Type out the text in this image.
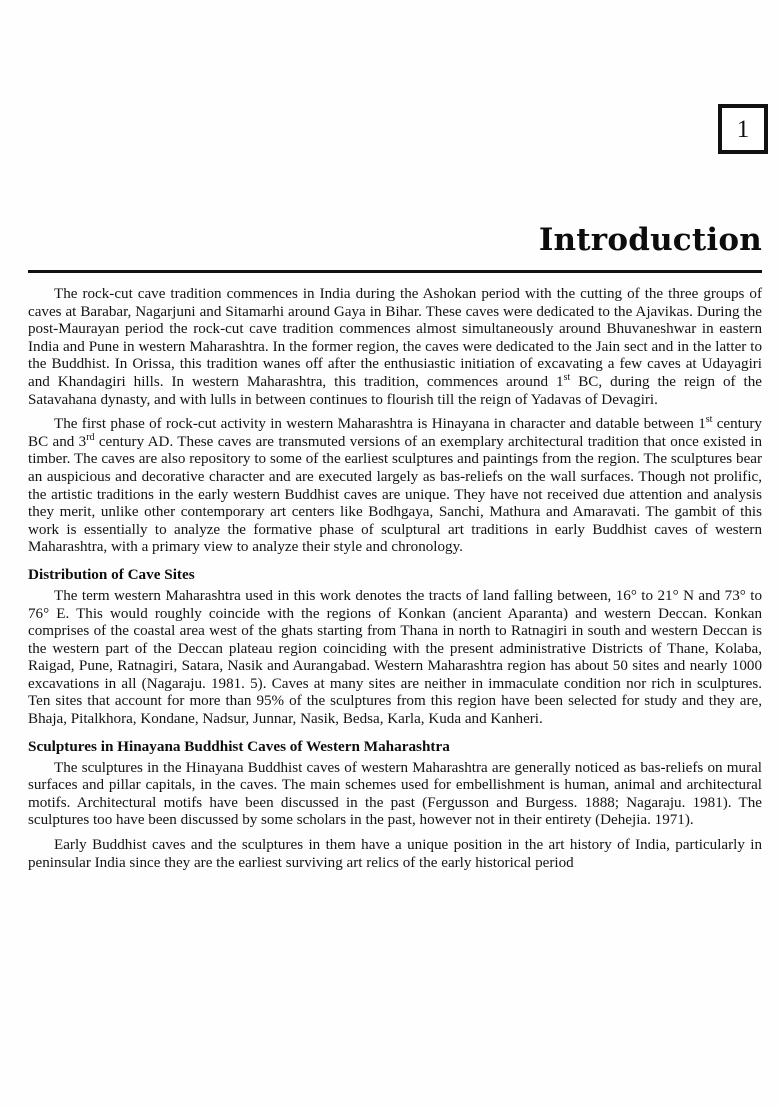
1
Introduction

The rock-cut cave tradition commences in India during the Ashokan period with the cutting of the three groups of caves at Barabar, Nagarjuni and Sitamarhi around Gaya in Bihar. These caves were dedicated to the Ajavikas. During the post-Maurayan period the rock-cut cave tradition commences almost simultaneously around Bhuvaneshwar in eastern India and Pune in western Maharashtra. In the former region, the caves were dedicated to the Jain sect and in the latter to the Buddhist. In Orissa, this tradition wanes off after the enthusiastic initiation of excavating a few caves at Udayagiri and Khandagiri hills. In western Maharashtra, this tradition, commences around 1st BC, during the reign of the Satavahana dynasty, and with lulls in between continues to flourish till the reign of Yadavas of Devagiri.

The first phase of rock-cut activity in western Maharashtra is Hinayana in character and datable between 1st century BC and 3rd century AD. These caves are transmuted versions of an exemplary architectural tradition that once existed in timber. The caves are also repository to some of the earliest sculptures and paintings from the region. The sculptures bear an auspicious and decorative character and are executed largely as bas-reliefs on the wall surfaces. Though not prolific, the artistic traditions in the early western Buddhist caves are unique. They have not received due attention and analysis they merit, unlike other contemporary art centers like Bodhgaya, Sanchi, Mathura and Amaravati. The gambit of this work is essentially to analyze the formative phase of sculptural art traditions in early Buddhist caves of western Maharashtra, with a primary view to analyze their style and chronology.

Distribution of Cave Sites

The term western Maharashtra used in this work denotes the tracts of land falling between, 16° to 21° N and 73° to 76° E. This would roughly coincide with the regions of Konkan (ancient Aparanta) and western Deccan. Konkan comprises of the coastal area west of the ghats starting from Thana in north to Ratnagiri in south and western Deccan is the western part of the Deccan plateau region coinciding with the present administrative Districts of Thane, Kolaba, Raigad, Pune, Ratnagiri, Satara, Nasik and Aurangabad. Western Maharashtra region has about 50 sites and nearly 1000 excavations in all (Nagaraju. 1981. 5). Caves at many sites are neither in immaculate condition nor rich in sculptures. Ten sites that account for more than 95% of the sculptures from this region have been selected for study and they are, Bhaja, Pitalkhora, Kondane, Nadsur, Junnar, Nasik, Bedsa, Karla, Kuda and Kanheri.

Sculptures in Hinayana Buddhist Caves of Western Maharashtra

The sculptures in the Hinayana Buddhist caves of western Maharashtra are generally noticed as bas-reliefs on mural surfaces and pillar capitals, in the caves. The main schemes used for embellishment is human, animal and architectural motifs. Architectural motifs have been discussed in the past (Fergusson and Burgess. 1888; Nagaraju. 1981). The sculptures too have been discussed by some scholars in the past, however not in their entirety (Dehejia. 1971).

Early Buddhist caves and the sculptures in them have a unique position in the art history of India, particularly in peninsular India since they are the earliest surviving art relics of the early historical period
